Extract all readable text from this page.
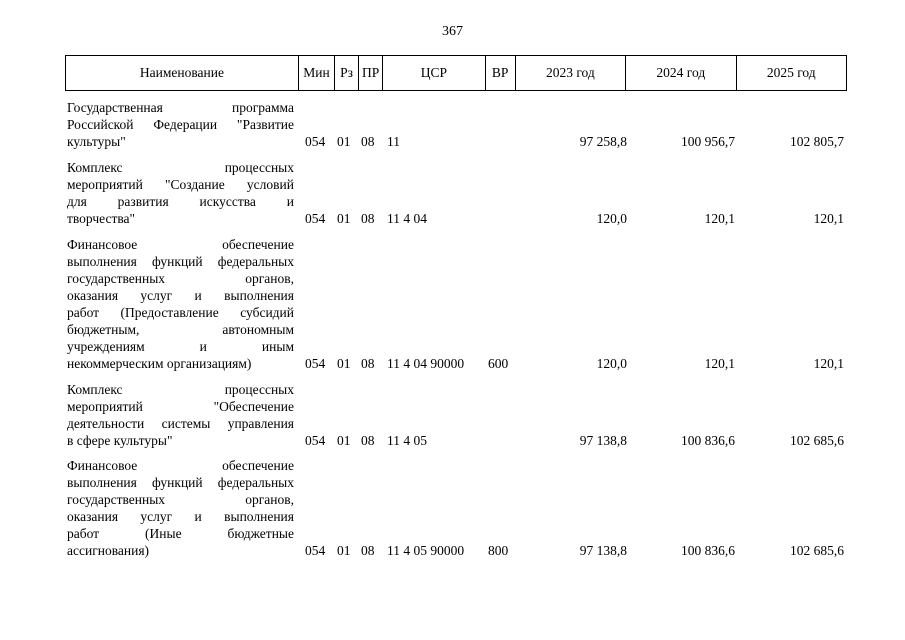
367
Наименование	Мин	Рз	ПР	ЦСР	ВР	2023 год	2024 год	2025 год
Государственная программа
Российской Федерации "Развитие
культуры"	054 01 08 11	97 258,8	100 956,7	102 805,7
Комплекс процессных
мероприятий "Создание условий
для развития искусства и
творчества"	054 01 08 11 4 04	120,0	120,1	120,1
Финансовое обеспечение
выполнения функций федеральных
государственных органов,
оказания услуг и выполнения
работ (Предоставление субсидий
бюджетным, автономным
учреждениям и иным
некоммерческим организациям)	054 01 08 11 4 04 90000 600	120,0	120,1	120,1
Комплекс процессных
мероприятий "Обеспечение
деятельности системы управления
в сфере культуры"	054 01 08 11 4 05	97 138,8	100 836,6	102 685,6
Финансовое обеспечение
выполнения функций федеральных
государственных органов,
оказания услуг и выполнения
работ (Иные бюджетные
ассигнования)	054 01 08 11 4 05 90000 800	97 138,8	100 836,6	102 685,6
